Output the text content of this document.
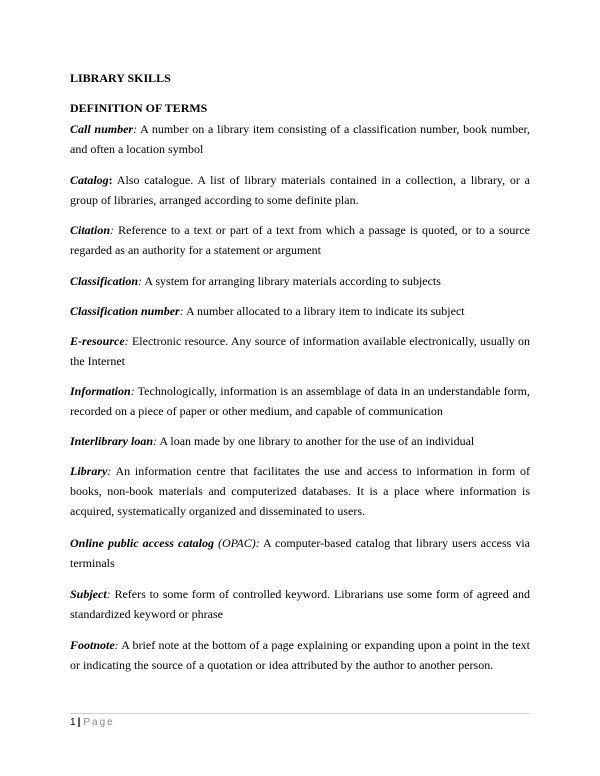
LIBRARY SKILLS
DEFINITION OF TERMS

Call number: A number on a library item consisting of a classification number, book number, and often a location symbol

Catalog: Also catalogue. A list of library materials contained in a collection, a library, or a group of libraries, arranged according to some definite plan.

Citation: Reference to a text or part of a text from which a passage is quoted, or to a source regarded as an authority for a statement or argument

Classification: A system for arranging library materials according to subjects

Classification number: A number allocated to a library item to indicate its subject

E-resource: Electronic resource. Any source of information available electronically, usually on the Internet

Information: Technologically, information is an assemblage of data in an understandable form, recorded on a piece of paper or other medium, and capable of communication

Interlibrary loan: A loan made by one library to another for the use of an individual

Library: An information centre that facilitates the use and access to information in form of books, non-book materials and computerized databases. It is a place where information is acquired, systematically organized and disseminated to users.

Online public access catalog (OPAC): A computer-based catalog that library users access via terminals

Subject: Refers to some form of controlled keyword. Librarians use some form of agreed and standardized keyword or phrase

Footnote: A brief note at the bottom of a page explaining or expanding upon a point in the text or indicating the source of a quotation or idea attributed by the author to another person.

1 | Page
